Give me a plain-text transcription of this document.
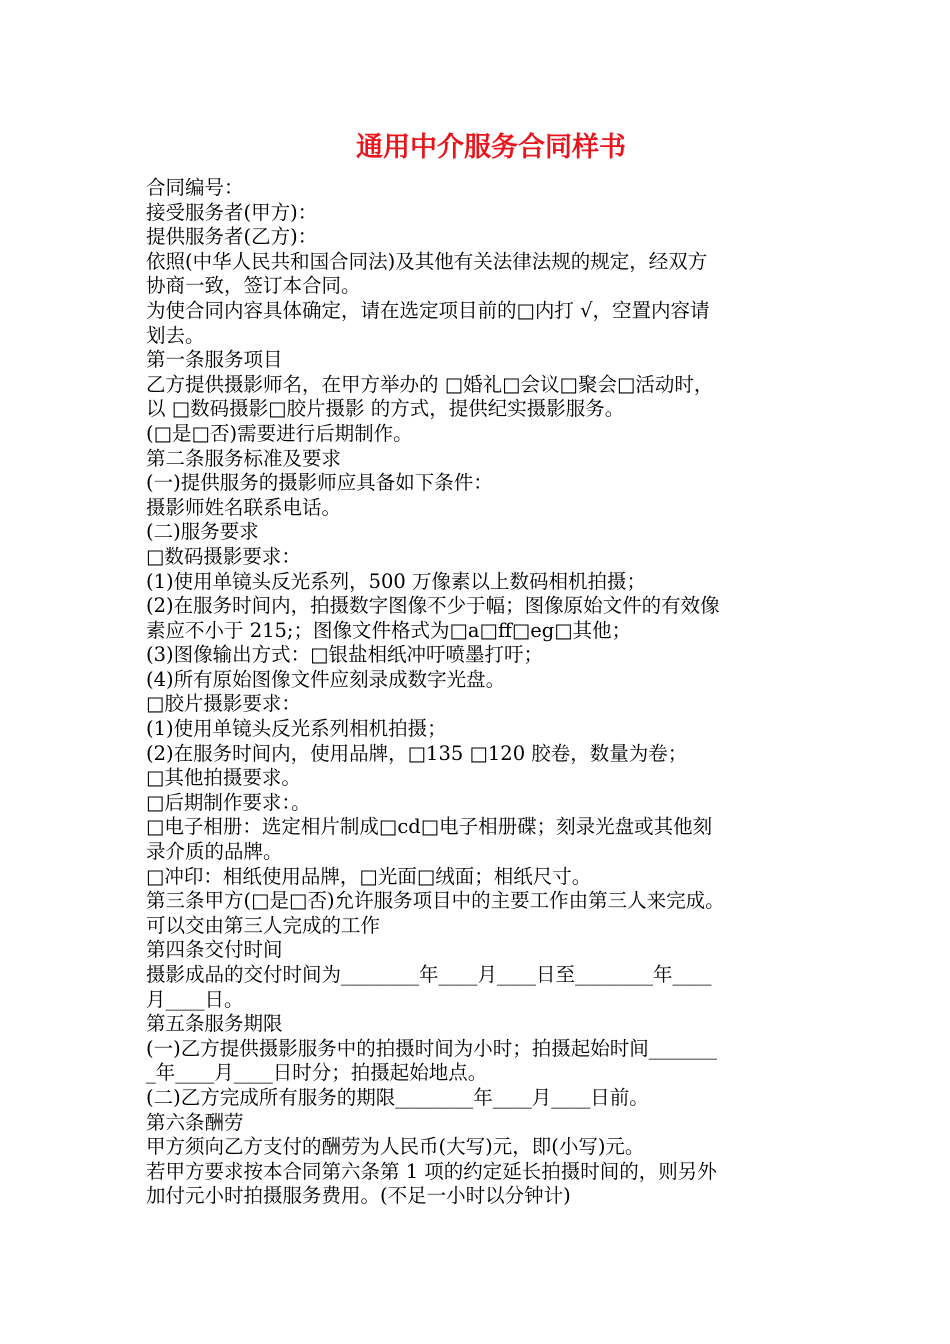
通用中介服务合同样书

合同编号：

接受服务者(甲方)：

提供服务者(乙方)：

依照(中华人民共和国合同法)及其他有关法律法规的规定，经双方

协商一致，签订本合同。

为使合同内容具体确定，请在选定项目前的□内打 √，空置内容请

划去。

第一条服务项目

乙方提供摄影师名，在甲方举办的 □婚礼□会议□聚会□活动时，

以 □数码摄影□胶片摄影 的方式，提供纪实摄影服务。

(□是□否)需要进行后期制作。

第二条服务标准及要求

(一)提供服务的摄影师应具备如下条件：

摄影师姓名联系电话。

(二)服务要求

□数码摄影要求：

(1)使用单镜头反光系列，500 万像素以上数码相机拍摄；

(2)在服务时间内，拍摄数字图像不少于幅；图像原始文件的有效像

素应不小于 215;；图像文件格式为□a□ff□eg□其他；

(3)图像输出方式：□银盐相纸冲吁喷墨打吁；

(4)所有原始图像文件应刻录成数字光盘。

□胶片摄影要求：

(1)使用单镜头反光系列相机拍摄；

(2)在服务时间内，使用品牌，□135 □120 胶卷，数量为卷；

□其他拍摄要求。

□后期制作要求：。

□电子相册：选定相片制成□cd□电子相册碟；刻录光盘或其他刻

录介质的品牌。

□冲印：相纸使用品牌，□光面□绒面；相纸尺寸。

第三条甲方(□是□否)允许服务项目中的主要工作由第三人来完成。

可以交由第三人完成的工作

第四条交付时间

摄影成品的交付时间为________年____月____日至________年____

月____日。

第五条服务期限

(一)乙方提供摄影服务中的拍摄时间为小时；拍摄起始时间_______

_年____月____日时分；拍摄起始地点。

(二)乙方完成所有服务的期限________年____月____日前。

第六条酬劳

甲方须向乙方支付的酬劳为人民币(大写)元，即(小写)元。

若甲方要求按本合同第六条第 1 项的约定延长拍摄时间的，则另外

加付元小时拍摄服务费用。(不足一小时以分钟计)
